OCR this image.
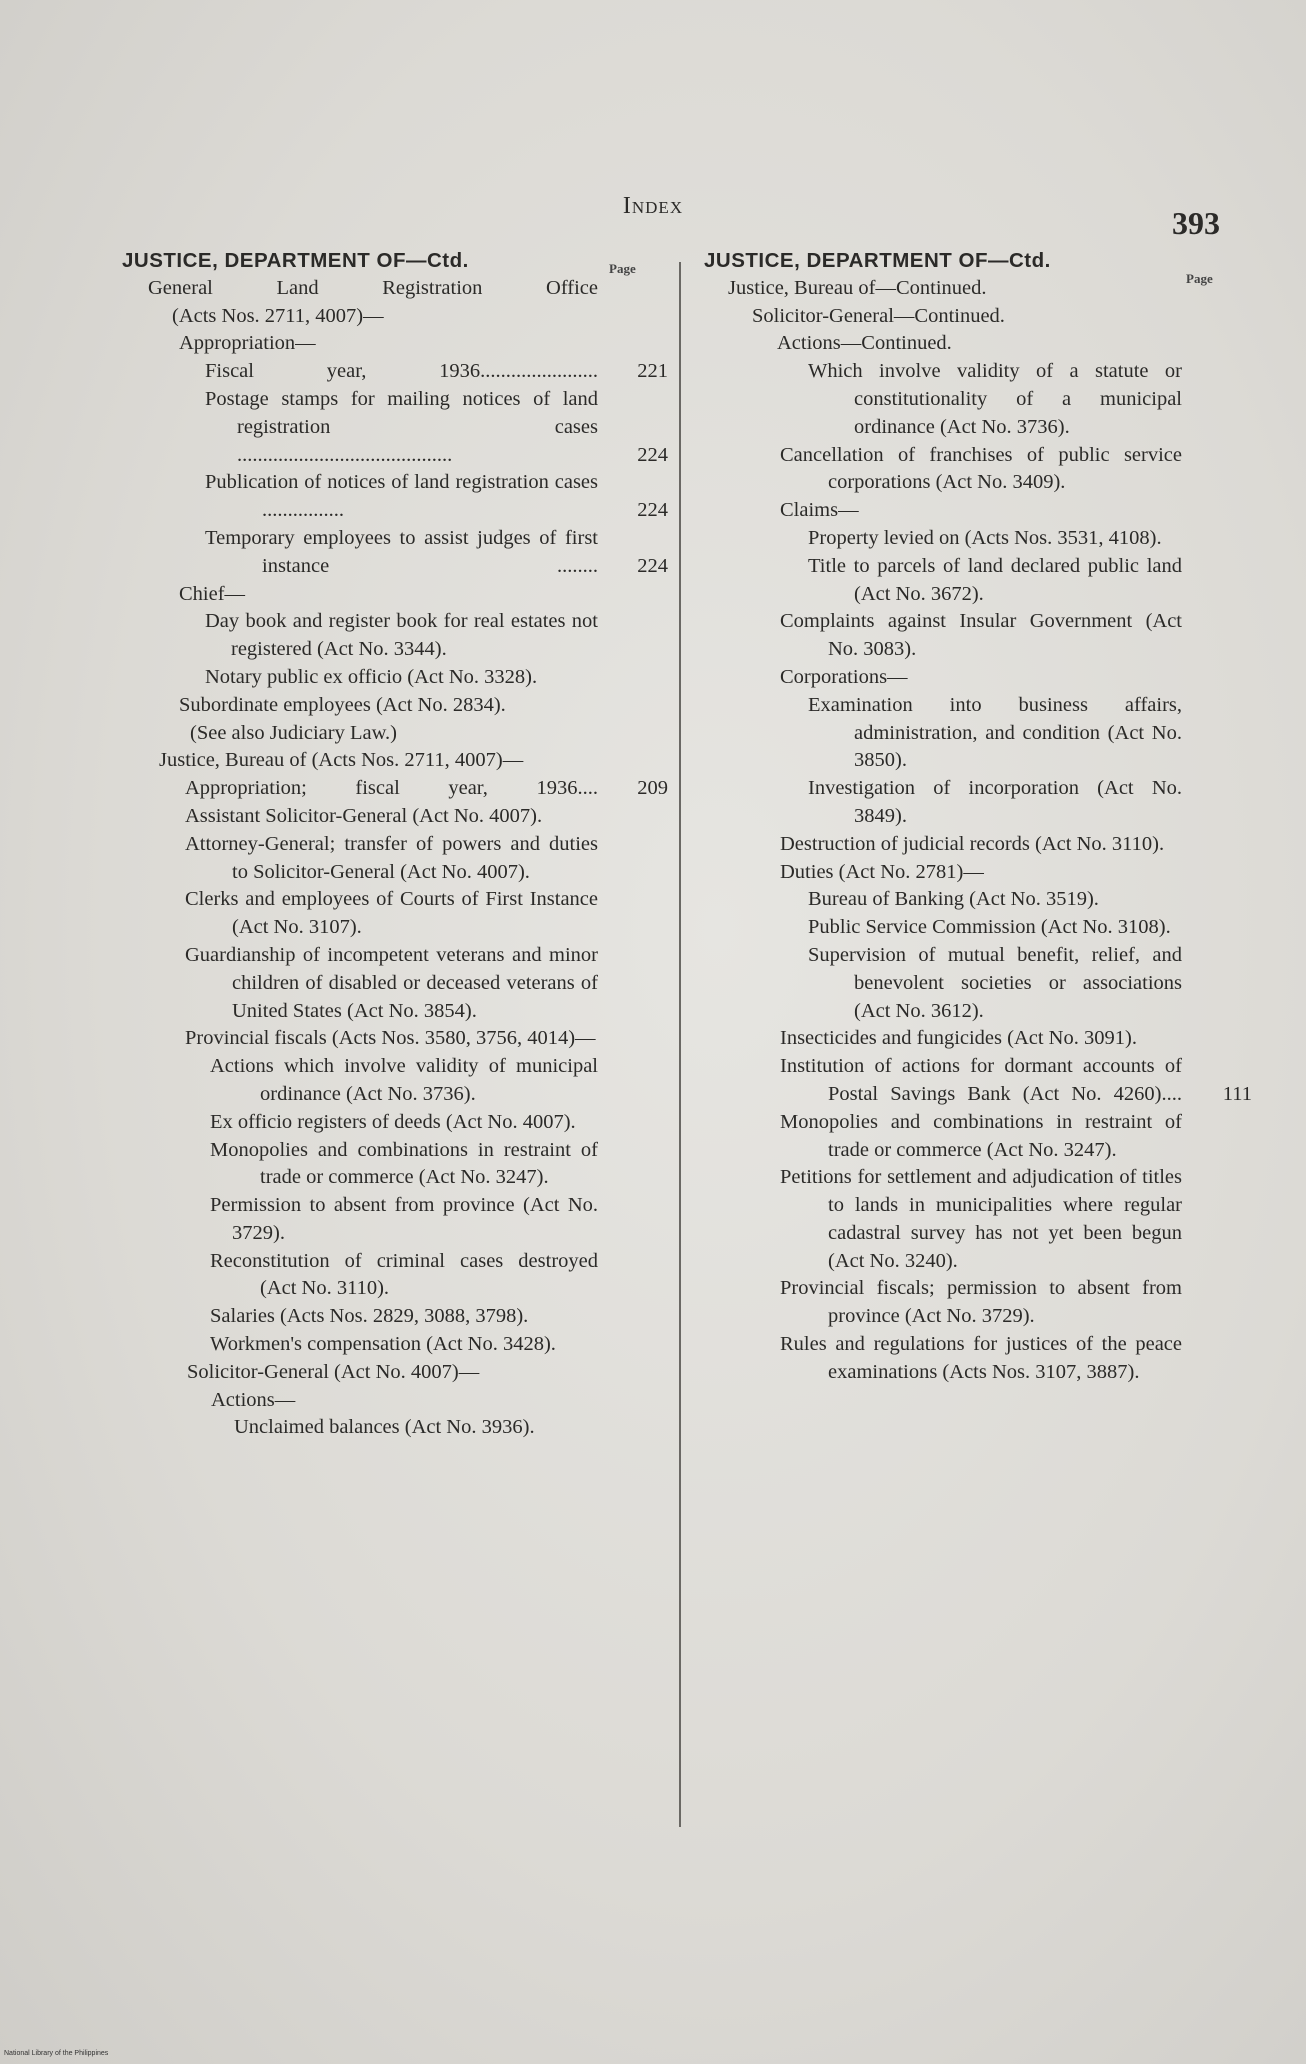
Index	393
Page
Page
JUSTICE, DEPARTMENT OF—Ctd.
General Land Registration Office
(Acts Nos. 2711, 4007)—
Appropriation—
Fiscal year, 1936.......................	221
Postage stamps for mailing notices of land registration cases ..........................................	224
Publication of notices of land registration cases ................	224
Temporary employees to assist judges of first instance ........	224
Chief—
Day book and register book for real estates not registered (Act No. 3344).
Notary public ex officio (Act No. 3328).
Subordinate employees (Act No. 2834).
(See also Judiciary Law.)
Justice, Bureau of (Acts Nos. 2711, 4007)—
Appropriation; fiscal year, 1936....	209
Assistant Solicitor-General (Act No. 4007).
Attorney-General; transfer of powers and duties to Solicitor-General (Act No. 4007).
Clerks and employees of Courts of First Instance (Act No. 3107).
Guardianship of incompetent veterans and minor children of disabled or deceased veterans of United States (Act No. 3854).
Provincial fiscals (Acts Nos. 3580, 3756, 4014)—
Actions which involve validity of municipal ordinance (Act No. 3736).
Ex officio registers of deeds (Act No. 4007).
Monopolies and combinations in restraint of trade or commerce (Act No. 3247).
Permission to absent from province (Act No. 3729).
Reconstitution of criminal cases destroyed (Act No. 3110).
Salaries (Acts Nos. 2829, 3088, 3798).
Workmen's compensation (Act No. 3428).
Solicitor-General (Act No. 4007)—
Actions—
Unclaimed balances (Act No. 3936).
JUSTICE, DEPARTMENT OF—Ctd.
Justice, Bureau of—Continued.
Solicitor-General—Continued.
Actions—Continued.
Which involve validity of a statute or constitutionality of a municipal ordinance (Act No. 3736).
Cancellation of franchises of public service corporations (Act No. 3409).
Claims—
Property levied on (Acts Nos. 3531, 4108).
Title to parcels of land declared public land (Act No. 3672).
Complaints against Insular Government (Act No. 3083).
Corporations—
Examination into business affairs, administration, and condition (Act No. 3850).
Investigation of incorporation (Act No. 3849).
Destruction of judicial records (Act No. 3110).
Duties (Act No. 2781)—
Bureau of Banking (Act No. 3519).
Public Service Commission (Act No. 3108).
Supervision of mutual benefit, relief, and benevolent societies or associations (Act No. 3612).
Insecticides and fungicides (Act No. 3091).
Institution of actions for dormant accounts of Postal Savings Bank (Act No. 4260)....	111
Monopolies and combinations in restraint of trade or commerce (Act No. 3247).
Petitions for settlement and adjudication of titles to lands in municipalities where regular cadastral survey has not yet been begun (Act No. 3240).
Provincial fiscals; permission to absent from province (Act No. 3729).
Rules and regulations for justices of the peace examinations (Acts Nos. 3107, 3887).
National Library of the Philippines
